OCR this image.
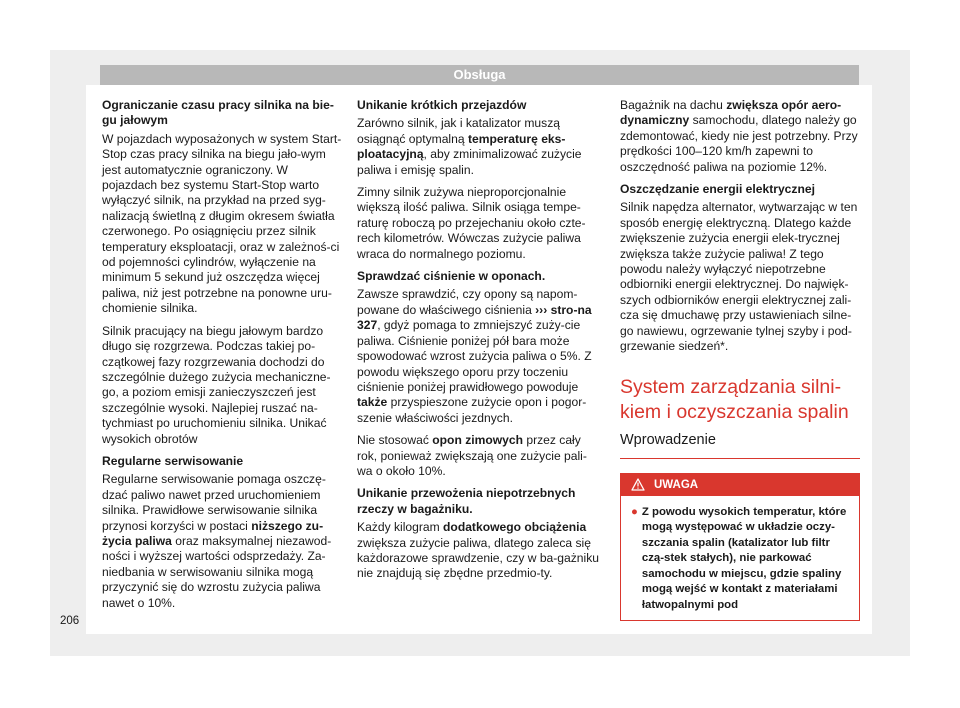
Obsługa
Ograniczanie czasu pracy silnika na bie-gu jałowym

W pojazdach wyposażonych w system Start-Stop czas pracy silnika na biegu jało-wym jest automatycznie ograniczony. W pojazdach bez systemu Start-Stop warto wyłączyć silnik, na przykład na przed syg-nalizacją świetlną z długim okresem światła czerwonego. Po osiągnięciu przez silnik temperatury eksploatacji, oraz w zależnoś-ci od pojemności cylindrów, wyłączenie na minimum 5 sekund już oszczędza więcej paliwa, niż jest potrzebne na ponowne uru-chomienie silnika.

Silnik pracujący na biegu jałowym bardzo długo się rozgrzewa. Podczas takiej po-czątkowej fazy rozgrzewania dochodzi do szczególnie dużego zużycia mechaniczne-go, a poziom emisji zanieczyszczeń jest szczególnie wysoki. Najlepiej ruszać na-tychmiast po uruchomieniu silnika. Unikać wysokich obrotów

Regularne serwisowanie

Regularne serwisowanie pomaga oszczę-dzać paliwo nawet przed uruchomieniem silnika. Prawidłowe serwisowanie silnika przynosi korzyści w postaci niższego zu-życia paliwa oraz maksymalnej niezawod-ności i wyższej wartości odsprzedaży. Za-niedbania w serwisowaniu silnika mogą przyczynić się do wzrostu zużycia paliwa nawet o 10%.

Unikanie krótkich przejazdów

Zarówno silnik, jak i katalizator muszą osiągnąć optymalną temperaturę eks-ploatacyjną, aby zminimalizować zużycie paliwa i emisję spalin.

Zimny silnik zużywa nieproporcjonalnie większą ilość paliwa. Silnik osiąga tempe-raturę roboczą po przejechaniu około czte-rech kilometrów. Wówczas zużycie paliwa wraca do normalnego poziomu.

Sprawdzać ciśnienie w oponach.

Zawsze sprawdzić, czy opony są napom-powane do właściwego ciśnienia ››› stro-na 327, gdyż pomaga to zmniejszyć zuży-cie paliwa. Ciśnienie poniżej pół bara może spowodować wzrost zużycia paliwa o 5%. Z powodu większego oporu przy toczeniu ciśnienie poniżej prawidłowego powoduje także przyspieszone zużycie opon i pogor-szenie właściwości jezdnych.

Nie stosować opon zimowych przez cały rok, ponieważ zwiększają one zużycie pali-wa o około 10%.

Unikanie przewożenia niepotrzebnych rzeczy w bagażniku.

Każdy kilogram dodatkowego obciążenia zwiększa zużycie paliwa, dlatego zaleca się każdorazowe sprawdzenie, czy w ba-gażniku nie znajdują się zbędne przedmio-ty.

Bagażnik na dachu zwiększa opór aero-dynamiczny samochodu, dlatego należy go zdemontować, kiedy nie jest potrzebny. Przy prędkości 100–120 km/h zapewni to oszczędność paliwa na poziomie 12%.

Oszczędzanie energii elektrycznej

Silnik napędza alternator, wytwarzając w ten sposób energię elektryczną. Dlatego każde zwiększenie zużycia energii elek-trycznej zwiększa także zużycie paliwa! Z tego powodu należy wyłączyć niepotrzebne odbiorniki energii elektrycznej. Do najwięk-szych odbiorników energii elektrycznej zali-cza się dmuchawę przy ustawieniach silne-go nawiewu, ogrzewanie tylnej szyby i pod-grzewanie siedzeń*.

System zarządzania silni-kiem i oczyszczania spalin
Wprowadzenie
UWAGA
● Z powodu wysokich temperatur, które mogą występować w układzie oczy-szczania spalin (katalizator lub filtr czą-stek stałych), nie parkować samochodu w miejscu, gdzie spaliny mogą wejść w kontakt z materiałami łatwopalnymi pod
206
